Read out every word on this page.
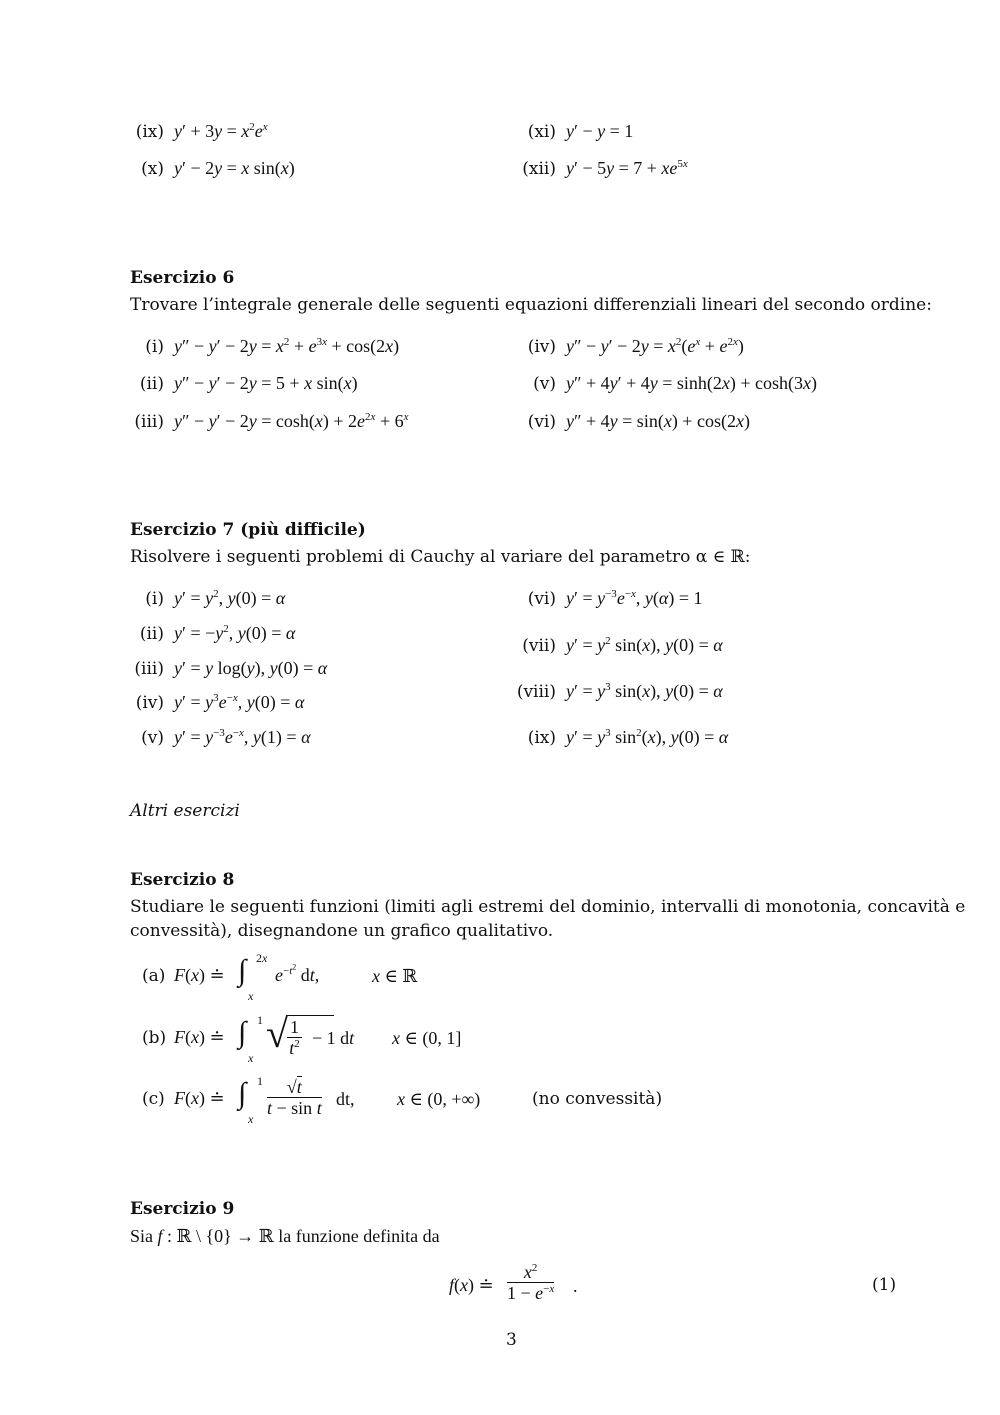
(ix) $y' + 3y = x^2e^x$
(x) y′ − 2y = x sin(x)
(xi) y′ − y = 1
(xii) $y' - 5y = 7 + xe^{5x}$
Esercizio 6
Trovare l’integrale generale delle seguenti equazioni differenziali lineari del secondo ordine:
(i) $y'' - y' - 2y = x^2 + e^{3x} + \cos(2x)$
(ii) y″ − y′ − 2y = 5 + x sin(x)
(iii) $y'' - y' - 2y = \cosh(x) + 2e^{2x} + 6^x$
(iv) $y'' - y' - 2y = x^2(e^x + e^{2x})$
(v) y″ + 4y′ + 4y = sinh(2x) + cosh(3x)
(vi) y″ + 4y = sin(x) + cos(2x)
Esercizio 7 (più difficile)
Risolvere i seguenti problemi di Cauchy al variare del parametro α ∈ ℝ:
(i) $y' = y^2$, y(0) = α
(ii) $y' = -y^2$, y(0) = α
(iii) y′ = y log(y), y(0) = α
(iv) $y' = y^3e^{-x}$, y(0) = α
(v) $y' = y^{-3}e^{-x}$, y(1) = α
(vi) $y' = y^{-3}e^{-x}$, y(α) = 1
(vii) $y' = y^2$ sin(x), y(0) = α
(viii) $y' = y^3$ sin(x), y(0) = α
(ix) $y' = y^3$ $\sin^2(x)$, y(0) = α
Altri esercizi
Esercizio 8
Studiare le seguenti funzioni (limiti agli estremi del dominio, intervalli di monotonia, concavità e
convessità), disegnandone un grafico qualitativo.
(a) F(x) ≐ ∫ 2x
x
$e^{-t^2}$ dt,	x ∈ ℝ
(b) F(x) ≐ ∫ 1
x
√ $\frac{1}{t^2} - 1$ dt x ∈ (0, 1]
(c) F(x) ≐ ∫ 1
x
$\frac{√t}{\text{t − sin t}}$ dt, x ∈ (0, +∞)	(no convessità)
Esercizio 9
Sia f : ℝ \ {0} → ℝ la funzione definita da
f(x) ≐ $\frac{x^2}{1 - e^{-x}}$ .	(1)
3
